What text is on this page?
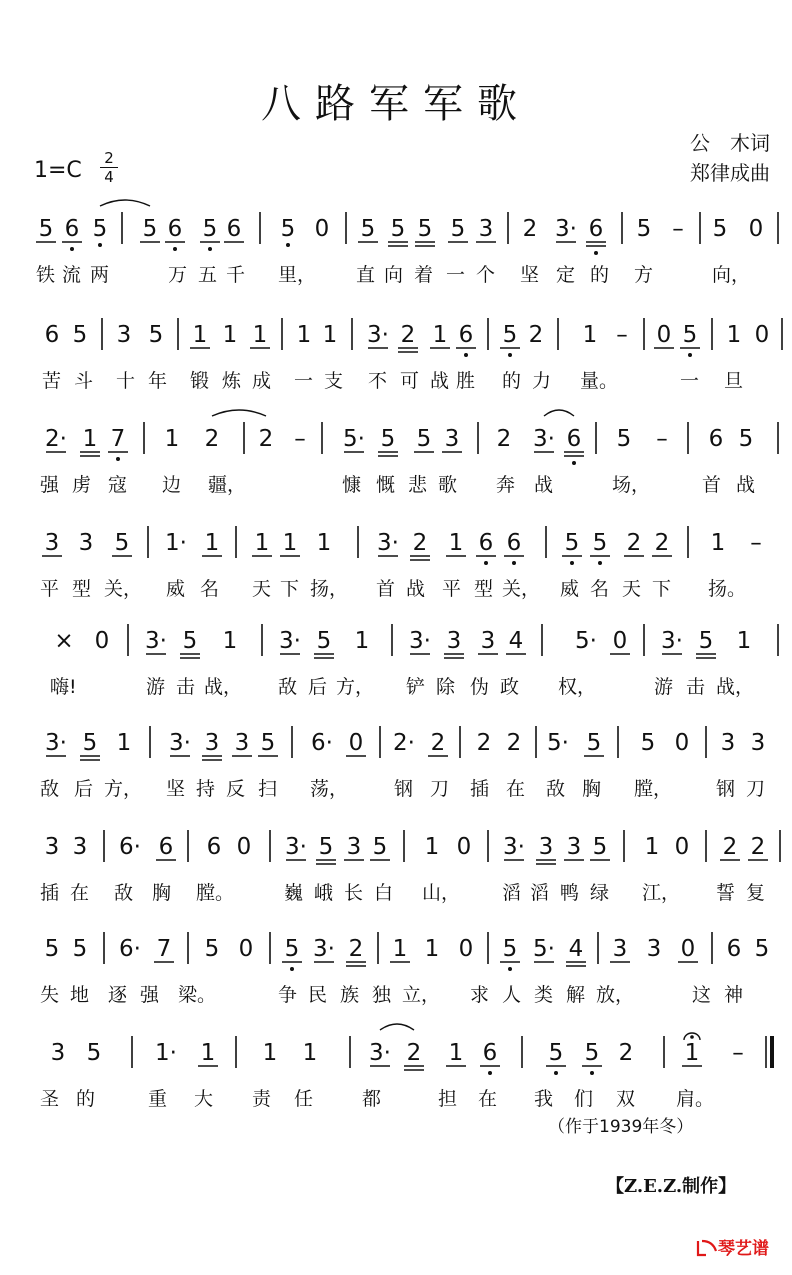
八路军军歌
公　木词
郑律成曲
1=C 2
4
5 6 5 5 6 5 6 5 0 5 5 5 5 3 2 3· 6 5 – 5 0
铁 流 两	万 五 千 里， 直 向 着 一 个 坚 定 的 方	向，
6 5 3 5 1 1 1 1 1 3· 2 1 6 5 2 1 – 0 5 1 0
苦 斗 十 年 锻 炼 成 一 支 不 可 战 胜 的 力 量。	一 旦
2· 1 7 1 2 2 – 5· 5 5 3 2 3· 6 5 – 6 5
强 虏 寇 边 疆，	慷 慨 悲 歌 奔 战	场，	首 战
3 3 5 1· 1 1 1 1 3· 2 1 6 6 5 5 2 2 1 –
平 型 关， 威 名 天 下 扬， 首 战 平 型 关， 威 名 天 下 扬。
× 0 3· 5 1 3· 5 1 3· 3 3 4 5· 0 3· 5 1
嗨!	游 击 战， 敌 后 方， 铲 除 伪 政 权，	游 击 战，
3· 5 1 3· 3 3 5 6· 0 2· 2 2 2 5· 5 5 0 3 3
敌 后 方， 坚 持 反 扫 荡， 钢 刀 插 在 敌 胸 膛， 钢 刀
3 3 6· 6 6 0 3· 5 3 5 1 0 3· 3 3 5 1 0 2 2
插 在 敌 胸 膛。	巍 峨 长 白 山， 滔 滔 鸭 绿 江， 誓 复
5 5 6· 7 5 0 5 3· 2 1 1 0 5 5· 4 3 3 0 6 5
失 地 逐 强 梁。	争 民 族 独 立， 求 人 类 解 放，	这 神
3 5 1· 1 1 1 3· 2 1 6 5 5 2 1 –
圣 的	重 大 责 任	都	担 在 我 们 双 肩。
（作于1939年冬）
【Z.E.Z.制作】
琴艺谱
